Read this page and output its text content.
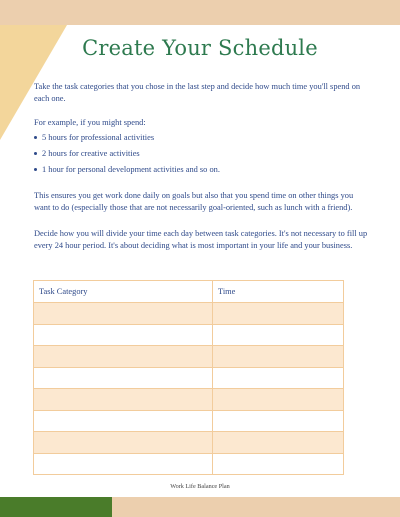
Create Your Schedule

Take the task categories that you chose in the last step and decide how much time you'll spend on each one.

For example, if you might spend:

5 hours for professional activities
2 hours for creative activities
1 hour for personal development activities and so on.

This ensures you get work done daily on goals but also that you spend time on other things you want to do (especially those that are not necessarily goal-oriented, such as lunch with a friend).

Decide how you will divide your time each day between task categories. It's not necessary to fill up every 24 hour period. It's about deciding what is most important in your life and your business.

Task Category	Time

Work Life Balance Plan
